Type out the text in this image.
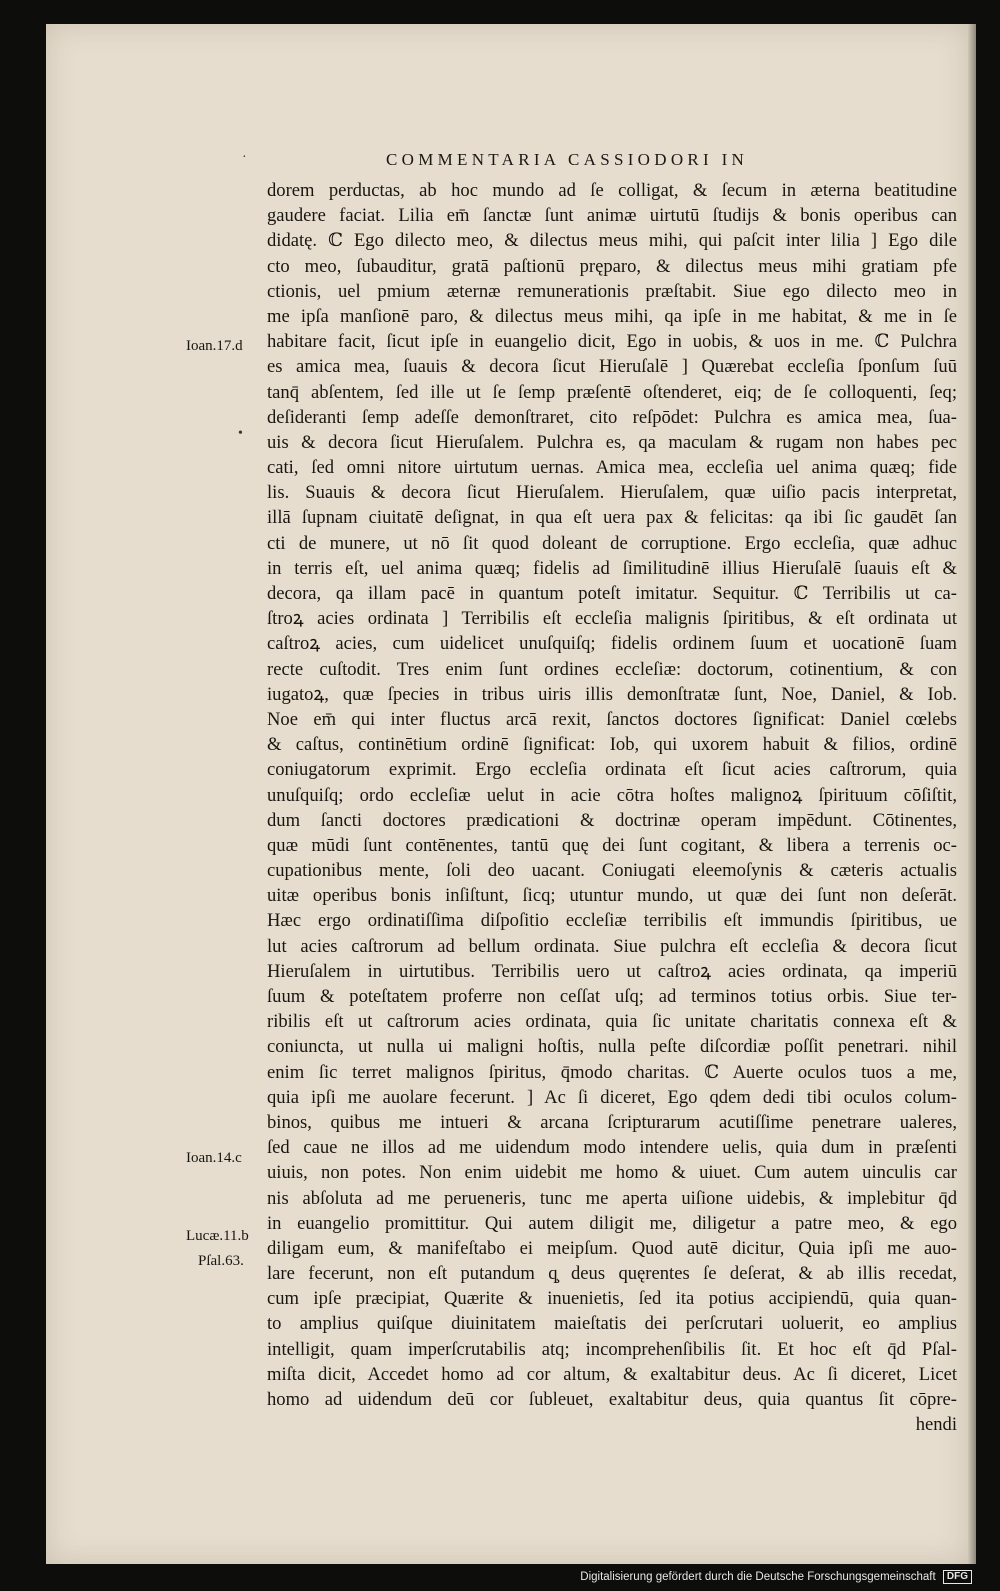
·	COMMENTARIA CASSIODORI IN
Ioan.17.d
•
Ioan.14.c
Lucæ.11.b
Pſal.63.
dorem perductas, ab hoc mundo ad ſe colligat, & ſecum in æterna beatitudine
gaudere faciat. Lilia em̄ ſanctæ ſunt animæ uirtutū ſtudijs & bonis operibus can
didatę. ℂ Ego dilecto meo, & dilectus meus mihi, qui paſcit inter lilia ] Ego dile
cto meo, ſubauditur, gratā paſtionū pręparo, & dilectus meus mihi gratiam pfe
ctionis, uel pmium æternæ remunerationis præſtabit. Siue ego dilecto meo in
me ipſa manſionē paro, & dilectus meus mihi, qa ipſe in me habitat, & me in ſe
habitare facit, ſicut ipſe in euangelio dicit, Ego in uobis, & uos in me. ℂ Pulchra
es amica mea, ſuauis & decora ſicut Hieruſalē ] Quærebat eccleſia ſponſum ſuū
tanq̄ abſentem, ſed ille ut ſe ſemp præſentē oſtenderet, eiq; de ſe colloquenti, ſeq;
deſideranti ſemp adeſſe demonſtraret, cito reſpōdet: Pulchra es amica mea, ſua-
uis & decora ſicut Hieruſalem. Pulchra es, qa maculam & rugam non habes pec
cati, ſed omni nitore uirtutum uernas. Amica mea, eccleſia uel anima quæq; fide
lis. Suauis & decora ſicut Hieruſalem. Hieruſalem, quæ uiſio pacis interpretat,
illā ſupnam ciuitatē deſignat, in qua eſt uera pax & felicitas: qa ibi ſic gaudēt ſan
cti de munere, ut nō ſit quod doleant de corruptione. Ergo eccleſia, quæ adhuc
in terris eſt, uel anima quæq; fidelis ad ſimilitudinē illius Hieruſalē ſuauis eſt &
decora, qa illam pacē in quantum poteſt imitatur. Sequitur. ℂ Terribilis ut ca-
ſtroꝝ acies ordinata ] Terribilis eſt eccleſia malignis ſpiritibus, & eſt ordinata ut
caſtroꝝ acies, cum uidelicet unuſquiſq; fidelis ordinem ſuum et uocationē ſuam
recte cuſtodit. Tres enim ſunt ordines eccleſiæ: doctorum, cotinentium, & con
iugatoꝝ, quæ ſpecies in tribus uiris illis demonſtratæ ſunt, Noe, Daniel, & Iob.
Noe em̄ qui inter fluctus arcā rexit, ſanctos doctores ſignificat: Daniel cœlebs
& caſtus, continētium ordinē ſignificat: Iob, qui uxorem habuit & filios, ordinē
coniugatorum exprimit. Ergo eccleſia ordinata eſt ſicut acies caſtrorum, quia
unuſquiſq; ordo eccleſiæ uelut in acie cōtra hoſtes malignoꝝ ſpirituum cōſiſtit,
dum ſancti doctores prædicationi & doctrinæ operam impēdunt. Cōtinentes,
quæ mūdi ſunt contēnentes, tantū quę dei ſunt cogitant, & libera a terrenis oc-
cupationibus mente, ſoli deo uacant. Coniugati eleemoſynis & cæteris actualis
uitæ operibus bonis inſiſtunt, ſicq; utuntur mundo, ut quæ dei ſunt non deſerāt.
Hæc ergo ordinatiſſima diſpoſitio eccleſiæ terribilis eſt immundis ſpiritibus, ue
lut acies caſtrorum ad bellum ordinata. Siue pulchra eſt eccleſia & decora ſicut
Hieruſalem in uirtutibus. Terribilis uero ut caſtroꝝ acies ordinata, qa imperiū
ſuum & poteſtatem proferre non ceſſat uſq; ad terminos totius orbis. Siue ter-
ribilis eſt ut caſtrorum acies ordinata, quia ſic unitate charitatis connexa eſt &
coniuncta, ut nulla ui maligni hoſtis, nulla peſte diſcordiæ poſſit penetrari. nihil
enim ſic terret malignos ſpiritus, q̄modo charitas. ℂ Auerte oculos tuos a me,
quia ipſi me auolare fecerunt. ] Ac ſi diceret, Ego qdem dedi tibi oculos colum-
binos, quibus me intueri & arcana ſcripturarum acutiſſime penetrare ualeres,
ſed caue ne illos ad me uidendum modo intendere uelis, quia dum in præſenti
uiuis, non potes. Non enim uidebit me homo & uiuet. Cum autem uinculis car
nis abſoluta ad me perueneris, tunc me aperta uiſione uidebis, & implebitur q̄d
in euangelio promittitur. Qui autem diligit me, diligetur a patre meo, & ego
diligam eum, & manifeſtabo ei meipſum. Quod autē dicitur, Quia ipſi me auo-
lare fecerunt, non eſt putandum q̧ deus quęrentes ſe deſerat, & ab illis recedat,
cum ipſe præcipiat, Quærite & inuenietis, ſed ita potius accipiendū, quia quan-
to amplius quiſque diuinitatem maieſtatis dei perſcrutari uoluerit, eo amplius
intelligit, quam imperſcrutabilis atq; incomprehenſibilis ſit. Et hoc eſt q̄d Pſal-
miſta dicit, Accedet homo ad cor altum, & exaltabitur deus. Ac ſi diceret, Licet
homo ad uidendum deū cor ſubleuet, exaltabitur deus, quia quantus ſit cōpre-
hendi
Digitalisierung gefördert durch die Deutsche Forschungsgemeinschaft DFG
